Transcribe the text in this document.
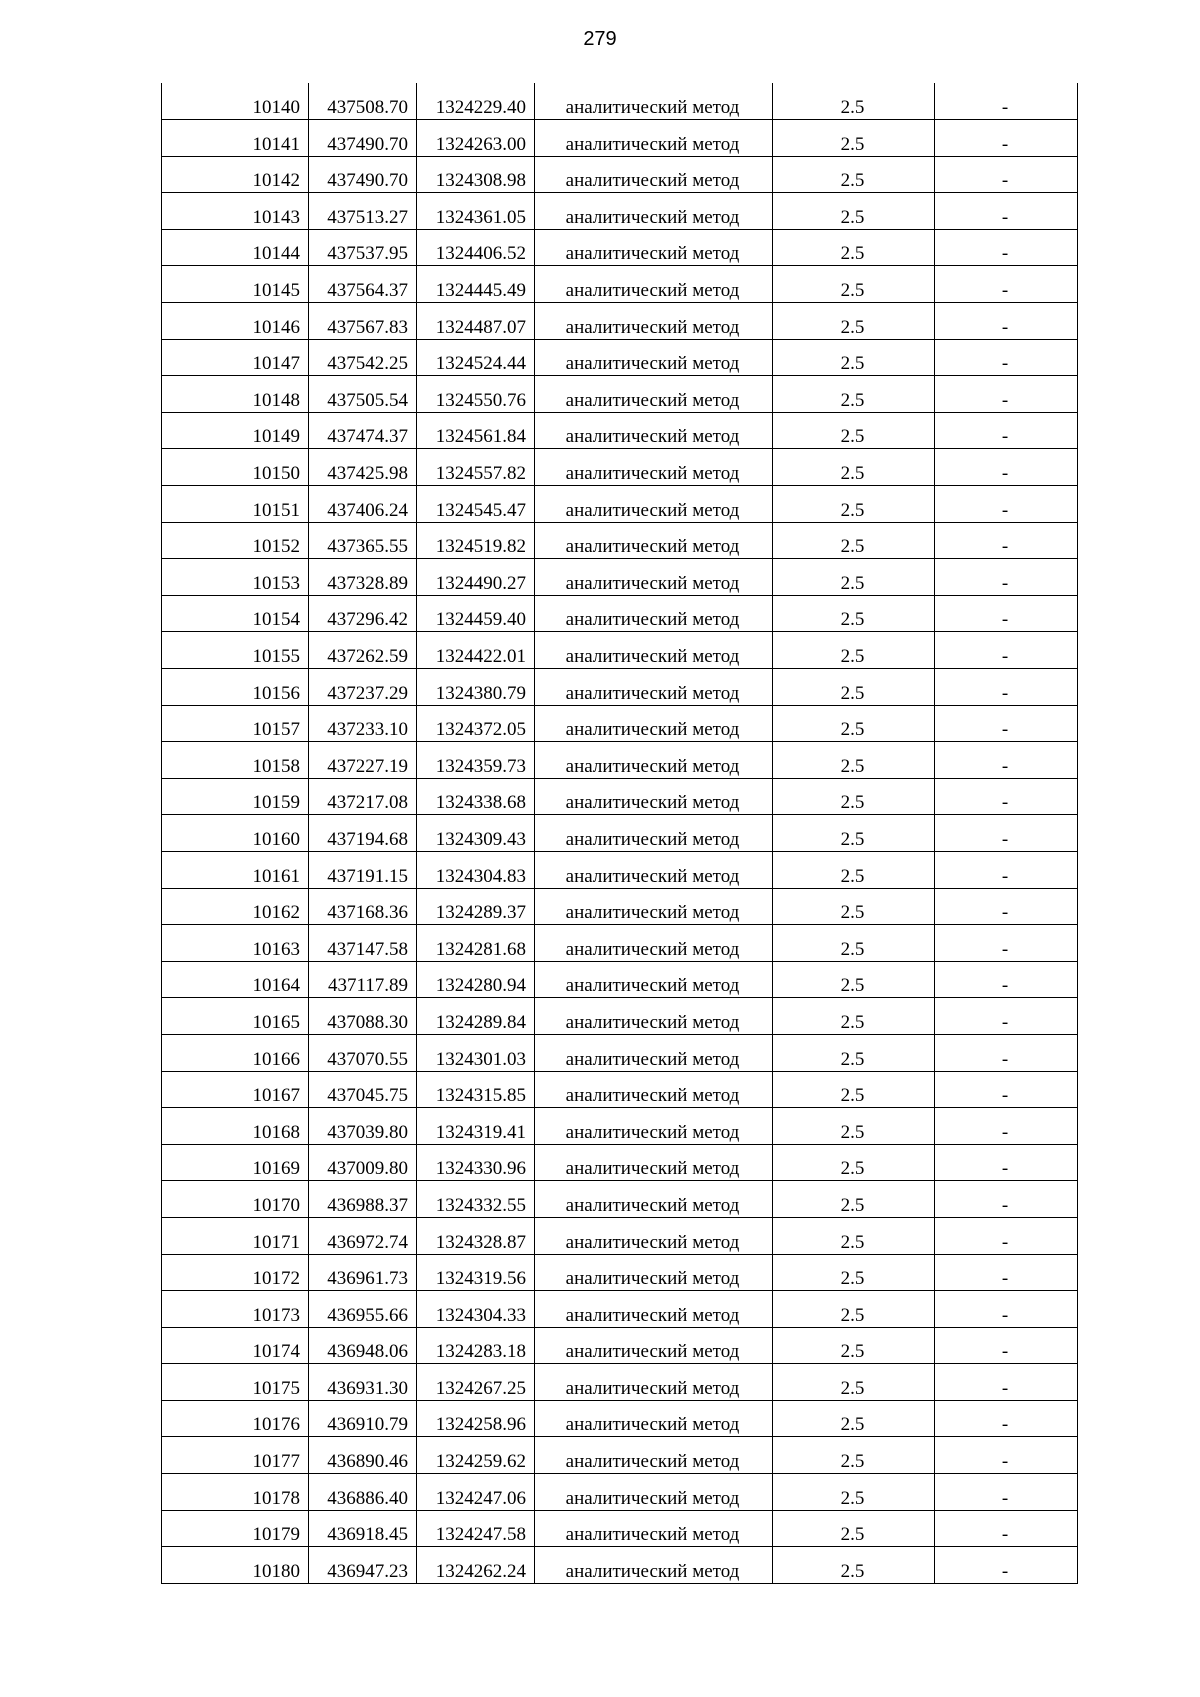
279
10140	437508.70	1324229.40	аналитический метод	2.5	-
10141	437490.70	1324263.00	аналитический метод	2.5	-
10142	437490.70	1324308.98	аналитический метод	2.5	-
10143	437513.27	1324361.05	аналитический метод	2.5	-
10144	437537.95	1324406.52	аналитический метод	2.5	-
10145	437564.37	1324445.49	аналитический метод	2.5	-
10146	437567.83	1324487.07	аналитический метод	2.5	-
10147	437542.25	1324524.44	аналитический метод	2.5	-
10148	437505.54	1324550.76	аналитический метод	2.5	-
10149	437474.37	1324561.84	аналитический метод	2.5	-
10150	437425.98	1324557.82	аналитический метод	2.5	-
10151	437406.24	1324545.47	аналитический метод	2.5	-
10152	437365.55	1324519.82	аналитический метод	2.5	-
10153	437328.89	1324490.27	аналитический метод	2.5	-
10154	437296.42	1324459.40	аналитический метод	2.5	-
10155	437262.59	1324422.01	аналитический метод	2.5	-
10156	437237.29	1324380.79	аналитический метод	2.5	-
10157	437233.10	1324372.05	аналитический метод	2.5	-
10158	437227.19	1324359.73	аналитический метод	2.5	-
10159	437217.08	1324338.68	аналитический метод	2.5	-
10160	437194.68	1324309.43	аналитический метод	2.5	-
10161	437191.15	1324304.83	аналитический метод	2.5	-
10162	437168.36	1324289.37	аналитический метод	2.5	-
10163	437147.58	1324281.68	аналитический метод	2.5	-
10164	437117.89	1324280.94	аналитический метод	2.5	-
10165	437088.30	1324289.84	аналитический метод	2.5	-
10166	437070.55	1324301.03	аналитический метод	2.5	-
10167	437045.75	1324315.85	аналитический метод	2.5	-
10168	437039.80	1324319.41	аналитический метод	2.5	-
10169	437009.80	1324330.96	аналитический метод	2.5	-
10170	436988.37	1324332.55	аналитический метод	2.5	-
10171	436972.74	1324328.87	аналитический метод	2.5	-
10172	436961.73	1324319.56	аналитический метод	2.5	-
10173	436955.66	1324304.33	аналитический метод	2.5	-
10174	436948.06	1324283.18	аналитический метод	2.5	-
10175	436931.30	1324267.25	аналитический метод	2.5	-
10176	436910.79	1324258.96	аналитический метод	2.5	-
10177	436890.46	1324259.62	аналитический метод	2.5	-
10178	436886.40	1324247.06	аналитический метод	2.5	-
10179	436918.45	1324247.58	аналитический метод	2.5	-
10180	436947.23	1324262.24	аналитический метод	2.5	-
